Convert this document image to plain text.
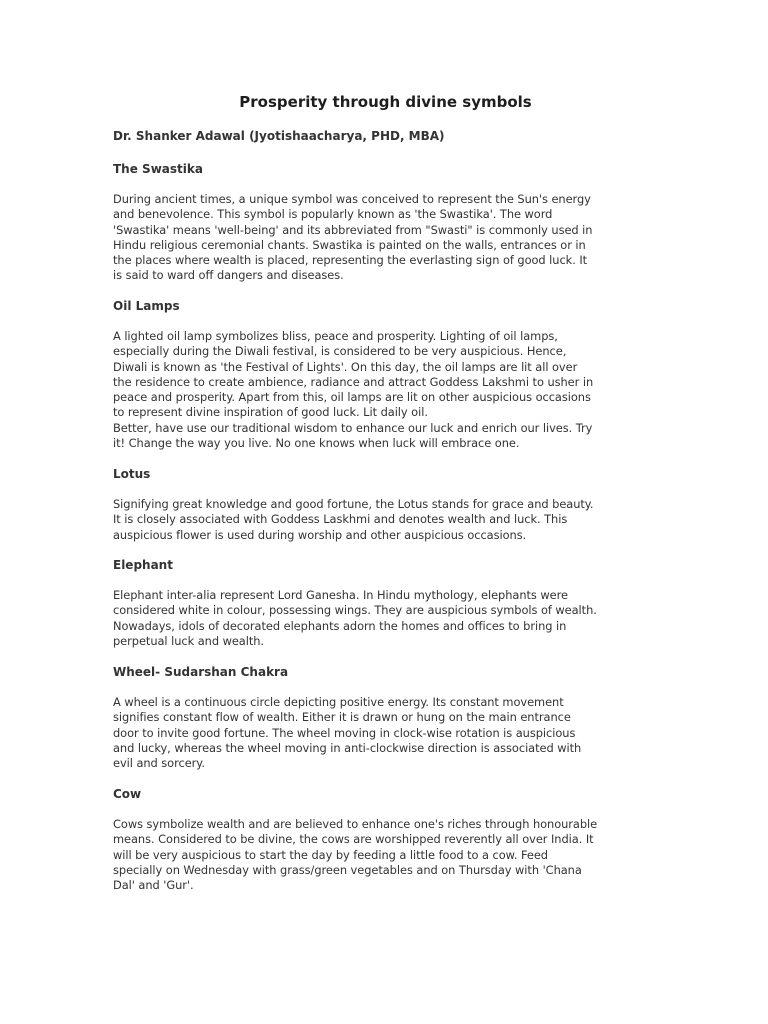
Prosperity through divine symbols
Dr. Shanker Adawal (Jyotishaacharya, PHD, MBA)
The Swastika

During ancient times, a unique symbol was conceived to represent the Sun's energy
and benevolence. This symbol is popularly known as 'the Swastika'. The word
'Swastika' means 'well-being' and its abbreviated from "Swasti" is commonly used in
Hindu religious ceremonial chants. Swastika is painted on the walls, entrances or in
the places where wealth is placed, representing the everlasting sign of good luck. It
is said to ward off dangers and diseases.

Oil Lamps

A lighted oil lamp symbolizes bliss, peace and prosperity. Lighting of oil lamps,
especially during the Diwali festival, is considered to be very auspicious. Hence,
Diwali is known as 'the Festival of Lights'. On this day, the oil lamps are lit all over
the residence to create ambience, radiance and attract Goddess Lakshmi to usher in
peace and prosperity. Apart from this, oil lamps are lit on other auspicious occasions
to represent divine inspiration of good luck. Lit daily oil.
Better, have use our traditional wisdom to enhance our luck and enrich our lives. Try
it! Change the way you live. No one knows when luck will embrace one.

Lotus

Signifying great knowledge and good fortune, the Lotus stands for grace and beauty.
It is closely associated with Goddess Laskhmi and denotes wealth and luck. This
auspicious flower is used during worship and other auspicious occasions.

Elephant

Elephant inter-alia represent Lord Ganesha. In Hindu mythology, elephants were
considered white in colour, possessing wings. They are auspicious symbols of wealth.
Nowadays, idols of decorated elephants adorn the homes and offices to bring in
perpetual luck and wealth.

Wheel- Sudarshan Chakra

A wheel is a continuous circle depicting positive energy. Its constant movement
signifies constant flow of wealth. Either it is drawn or hung on the main entrance
door to invite good fortune. The wheel moving in clock-wise rotation is auspicious
and lucky, whereas the wheel moving in anti-clockwise direction is associated with
evil and sorcery.

Cow

Cows symbolize wealth and are believed to enhance one's riches through honourable
means. Considered to be divine, the cows are worshipped reverently all over India. It
will be very auspicious to start the day by feeding a little food to a cow. Feed
specially on Wednesday with grass/green vegetables and on Thursday with 'Chana
Dal' and 'Gur'.
